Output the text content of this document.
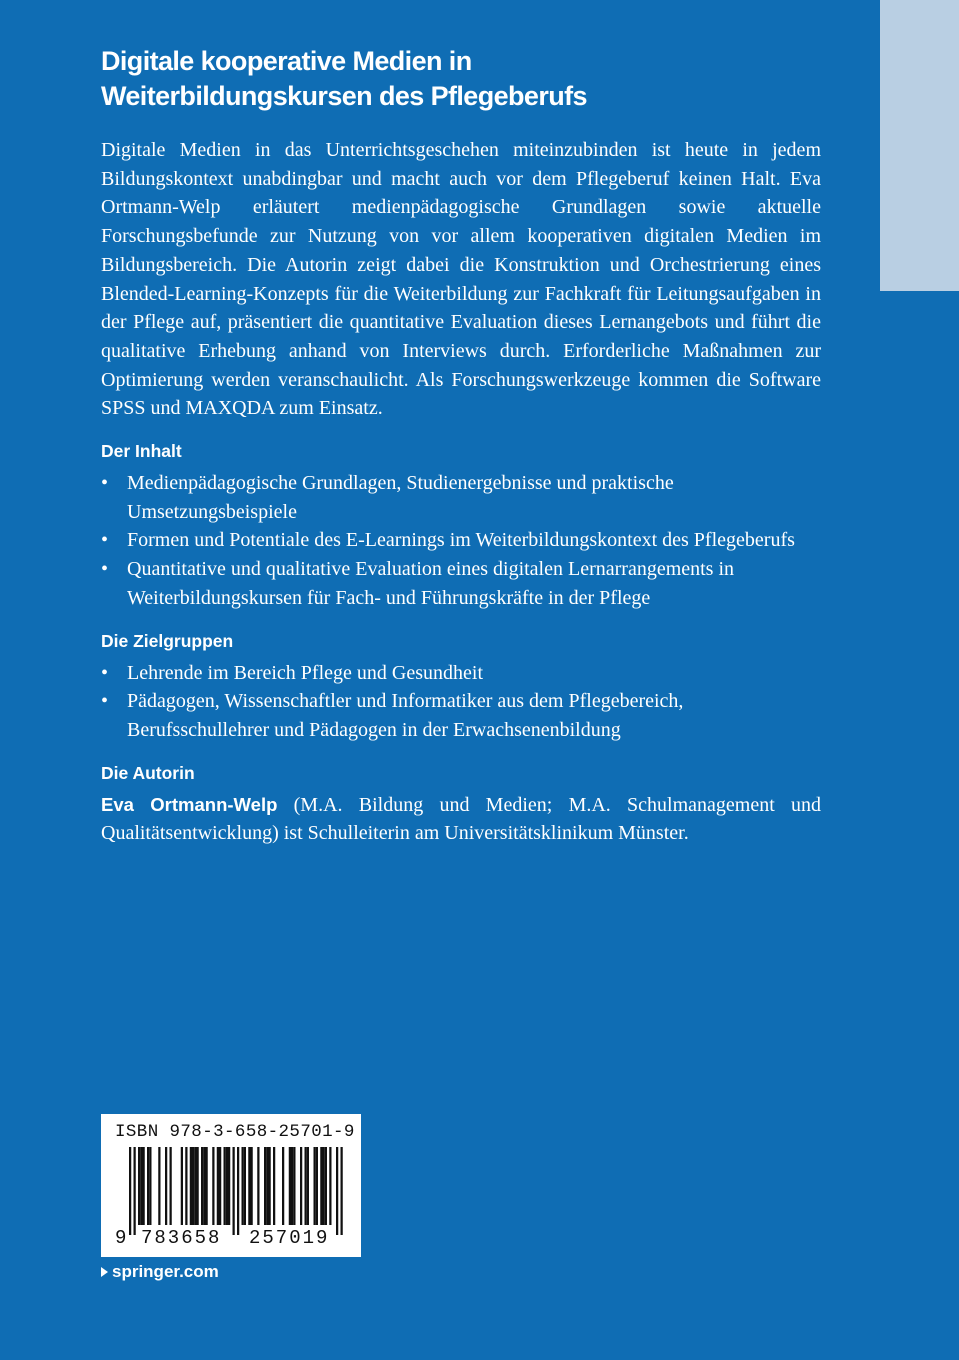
Digitale kooperative Medien in
Weiterbildungskursen des Pflegeberufs

Digitale Medien in das Unterrichtsgeschehen miteinzubinden ist heute in jedem Bildungskontext unabdingbar und macht auch vor dem Pflegeberuf keinen Halt. Eva Ortmann-Welp erläutert medienpädagogische Grundlagen sowie aktuelle Forschungsbefunde zur Nutzung von vor allem kooperativen digitalen Medien im Bildungsbereich. Die Autorin zeigt dabei die Konstruktion und Orchestrierung eines Blended-Learning-Konzepts für die Weiterbildung zur Fachkraft für Leitungsaufgaben in der Pflege auf, präsentiert die quantitative Evaluation dieses Lernangebots und führt die qualitative Erhebung anhand von Interviews durch. Erforderliche Maßnahmen zur Optimierung werden veranschaulicht. Als Forschungswerkzeuge kommen die Software SPSS und MAXQDA zum Einsatz.

Der Inhalt
• Medienpädagogische Grundlagen, Studienergebnisse und praktische Umsetzungsbeispiele
• Formen und Potentiale des E-Learnings im Weiterbildungskontext des Pflegeberufs
• Quantitative und qualitative Evaluation eines digitalen Lernarrangements in Weiterbildungskursen für Fach- und Führungskräfte in der Pflege
Die Zielgruppen
• Lehrende im Bereich Pflege und Gesundheit
• Pädagogen, Wissenschaftler und Informatiker aus dem Pflegebereich, Berufsschullehrer und Pädagogen in der Erwachsenenbildung
Die Autorin

Eva Ortmann-Welp (M.A. Bildung und Medien; M.A. Schulmanagement und Qualitätsentwicklung) ist Schulleiterin am Universitätsklinikum Münster.

ISBN 978-3-658-25701-9
9 783658 257019
springer.com
